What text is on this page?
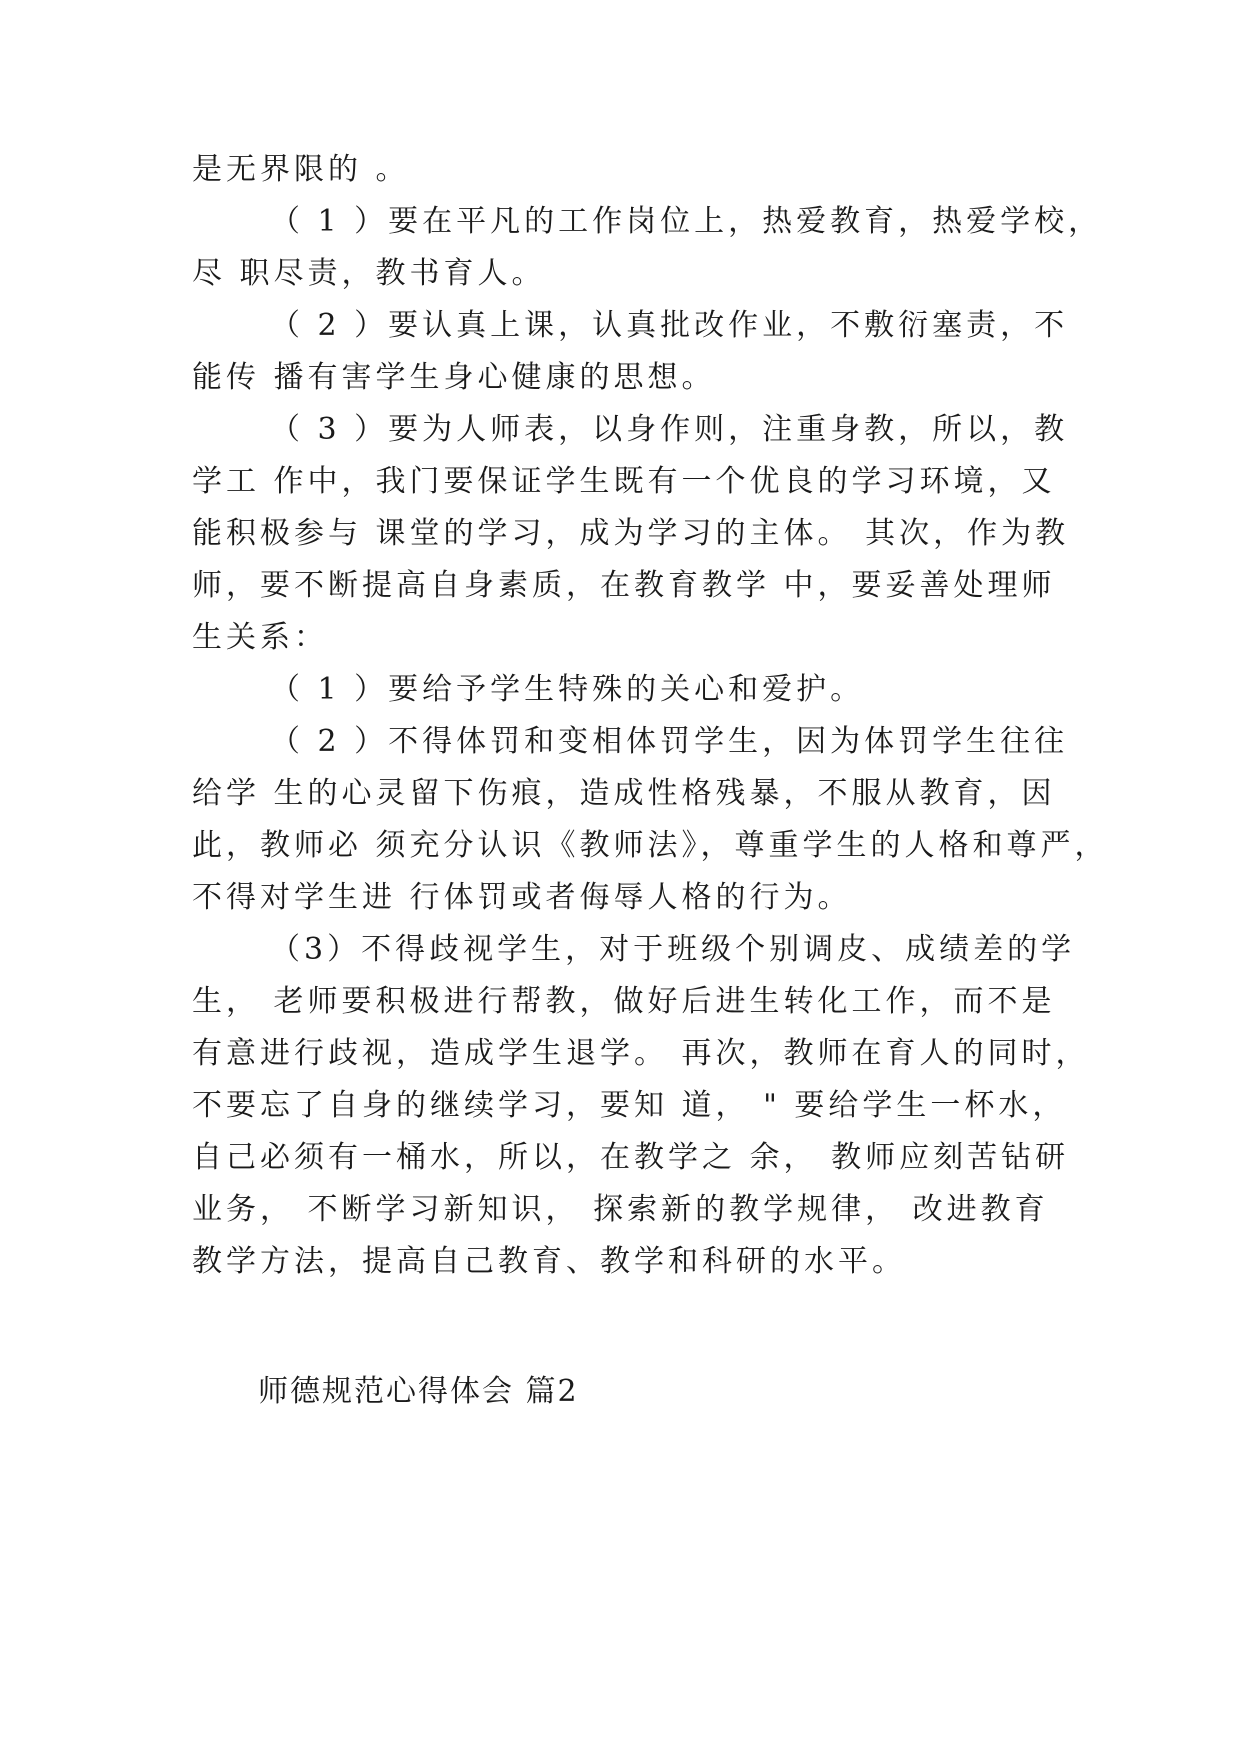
是无界限的 。
（ 1 ）要在平凡的工作岗位上，热爱教育，热爱学校，
尽 职尽责，教书育人。
（ 2 ）要认真上课，认真批改作业，不敷衍塞责，不
能传 播有害学生身心健康的思想。
（ 3 ）要为人师表，以身作则，注重身教，所以，教
学工 作中，我门要保证学生既有一个优良的学习环境，又
能积极参与 课堂的学习，成为学习的主体。 其次，作为教
师，要不断提高自身素质，在教育教学 中，要妥善处理师
生关系：
（ 1 ）要给予学生特殊的关心和爱护。
（ 2 ）不得体罚和变相体罚学生，因为体罚学生往往
给学 生的心灵留下伤痕，造成性格残暴，不服从教育，因
此，教师必 须充分认识《教师法》，尊重学生的人格和尊严，
不得对学生进 行体罚或者侮辱人格的行为。
（3）不得歧视学生，对于班级个别调皮、成绩差的学
生， 老师要积极进行帮教，做好后进生转化工作，而不是
有意进行歧视，造成学生退学。 再次，教师在育人的同时，
不要忘了自身的继续学习，要知 道， " 要给学生一杯水，
自己必须有一桶水，所以，在教学之 余， 教师应刻苦钻研
业务， 不断学习新知识， 探索新的教学规律， 改进教育
教学方法，提高自己教育、教学和科研的水平。
师德规范心得体会 篇2
